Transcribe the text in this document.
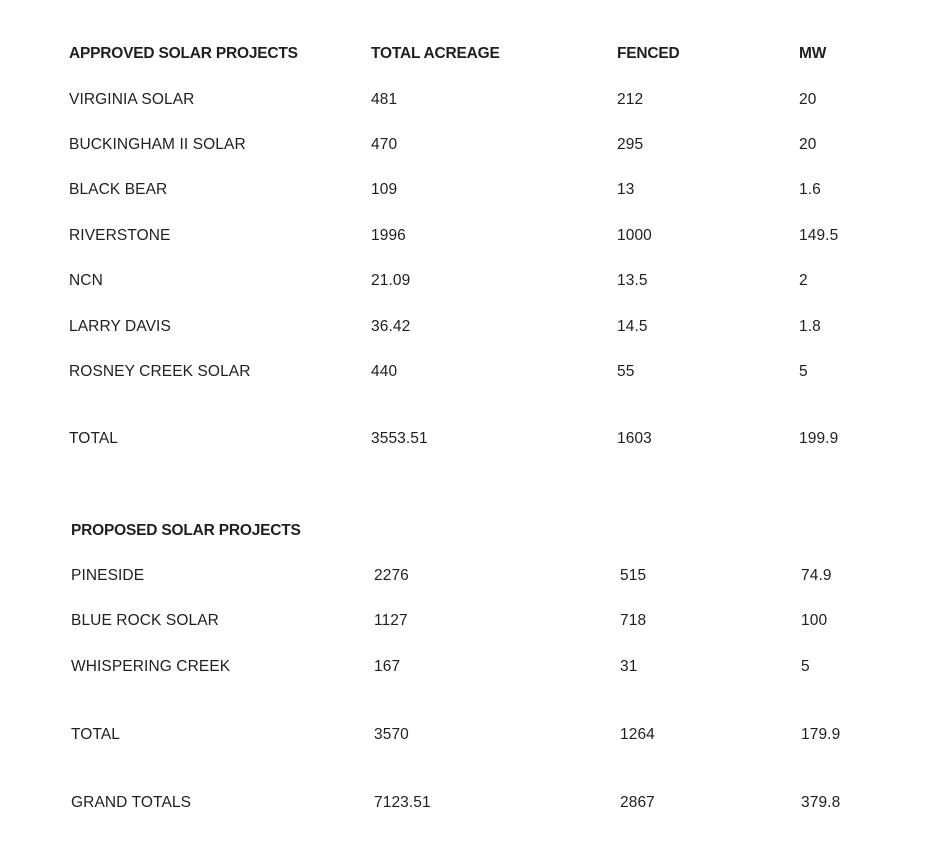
APPROVED SOLAR PROJECTS	TOTAL ACREAGE	FENCED	MW
VIRGINIA SOLAR	481	212	20
BUCKINGHAM II SOLAR	470	295	20
BLACK BEAR	109	13	1.6
RIVERSTONE	1996	1000	149.5
NCN	21.09	13.5	2
LARRY DAVIS	36.42	14.5	1.8
ROSNEY CREEK SOLAR	440	55	5
TOTAL	3553.51	1603	199.9
PROPOSED SOLAR PROJECTS
PINESIDE	2276	515	74.9
BLUE ROCK SOLAR	1127	718	100
WHISPERING CREEK	167	31	5
TOTAL	3570	1264	179.9
GRAND TOTALS	7123.51	2867	379.8
